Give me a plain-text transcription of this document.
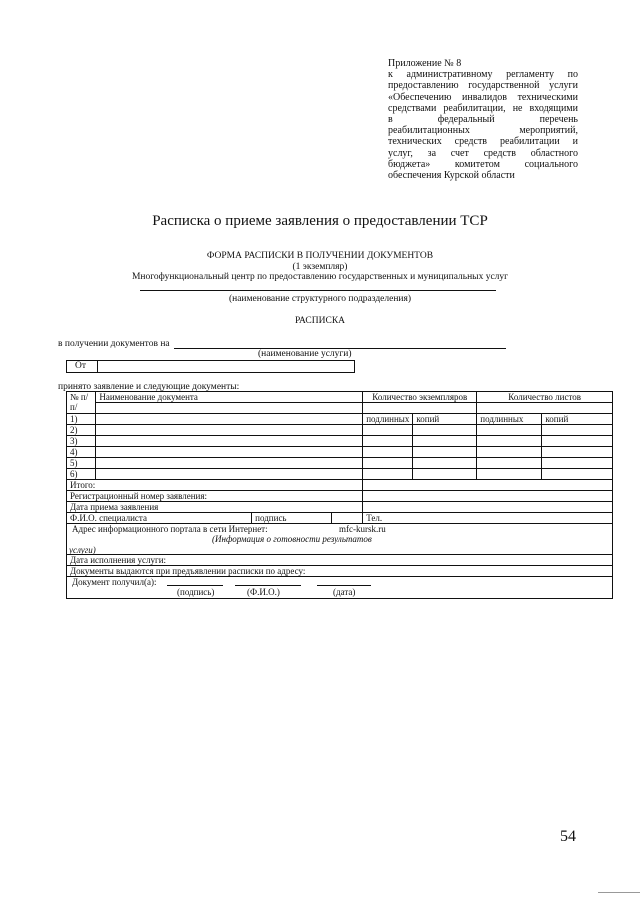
Приложение № 8
к административному регламенту по
предоставлению государственной услуги
«Обеспечению инвалидов техническими
средствами реабилитации, не входящими
в федеральный перечень
реабилитационных мероприятий,
технических средств реабилитации и
услуг, за счет средств областного
бюджета» комитетом социального
обеспечения Курской области
Расписка о приеме заявления о предоставлении ТСР
ФОРМА РАСПИСКИ В ПОЛУЧЕНИИ ДОКУМЕНТОВ
(1 экземпляр)
Многофункциональный центр по предоставлению государственных и муниципальных услуг
(наименование структурного подразделения)
РАСПИСКА
в получении документов на
(наименование услуги)
От
принято заявление и следующие документы:
№ п/п/	Наименование документа			Количество экземпляров		Количество листов	

1)				подлинных	копий	подлинных	копий
2)							
3)							
4)							
5)							
6)							
Итого:							
Регистрационный номер заявления:							
Дата приема заявления							
Ф.И.О. специалиста		подпись		Тел.			

Адрес информационного портала в сети Интернет: mfc-kursk.ru
(Информация о готовности результатов
услуги)							

Дата исполнения услуги:							
Документы выдаются при предъявлении расписки по адресу:							

Документ получил(а):
(подпись) (Ф.И.О.) (дата)							
54
